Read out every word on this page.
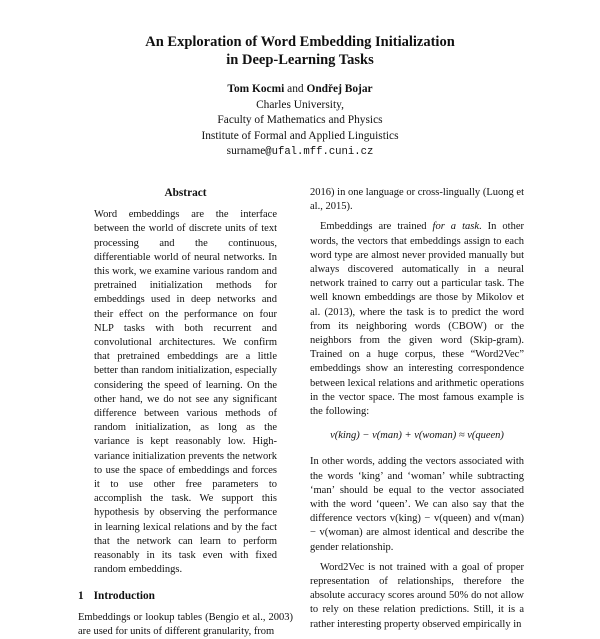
An Exploration of Word Embedding Initialization
in Deep-Learning Tasks
Tom Kocmi and Ondřej Bojar
Charles University,
Faculty of Mathematics and Physics
Institute of Formal and Applied Linguistics
surname@ufal.mff.cuni.cz
Abstract

Word embeddings are the interface between the world of discrete units of text processing and the continuous, differentiable world of neural networks. In this work, we examine various random and pretrained initialization methods for embeddings used in deep networks and their effect on the performance on four NLP tasks with both recurrent and convolutional architectures. We confirm that pretrained embeddings are a little better than random initialization, especially considering the speed of learning. On the other hand, we do not see any significant difference between various methods of random initialization, as long as the variance is kept reasonably low. High-variance initialization prevents the network to use the space of embeddings and forces it to use other free parameters to accomplish the task. We support this hypothesis by observing the performance in learning lexical relations and by the fact that the network can learn to perform reasonably in its task even with fixed random embeddings.

1 Introduction

Embeddings or lookup tables (Bengio et al., 2003) are used for units of different granularity, from

2016) in one language or cross-lingually (Luong et al., 2015).

Embeddings are trained for a task. In other words, the vectors that embeddings assign to each word type are almost never provided manually but always discovered automatically in a neural network trained to carry out a particular task. The well known embeddings are those by Mikolov et al. (2013), where the task is to predict the word from its neighboring words (CBOW) or the neighbors from the given word (Skip-gram). Trained on a huge corpus, these “Word2Vec” embeddings show an interesting correspondence between lexical relations and arithmetic operations in the vector space. The most famous example is the following:

v(king) − v(man) + v(woman) ≈ v(queen)

In other words, adding the vectors associated with the words ‘king’ and ‘woman’ while subtracting ‘man’ should be equal to the vector associated with the word ‘queen’. We can also say that the difference vectors v(king) − v(queen) and v(man) − v(woman) are almost identical and describe the gender relationship.

Word2Vec is not trained with a goal of proper representation of relationships, therefore the absolute accuracy scores around 50% do not allow to rely on these relation predictions. Still, it is a rather interesting property observed empirically in
